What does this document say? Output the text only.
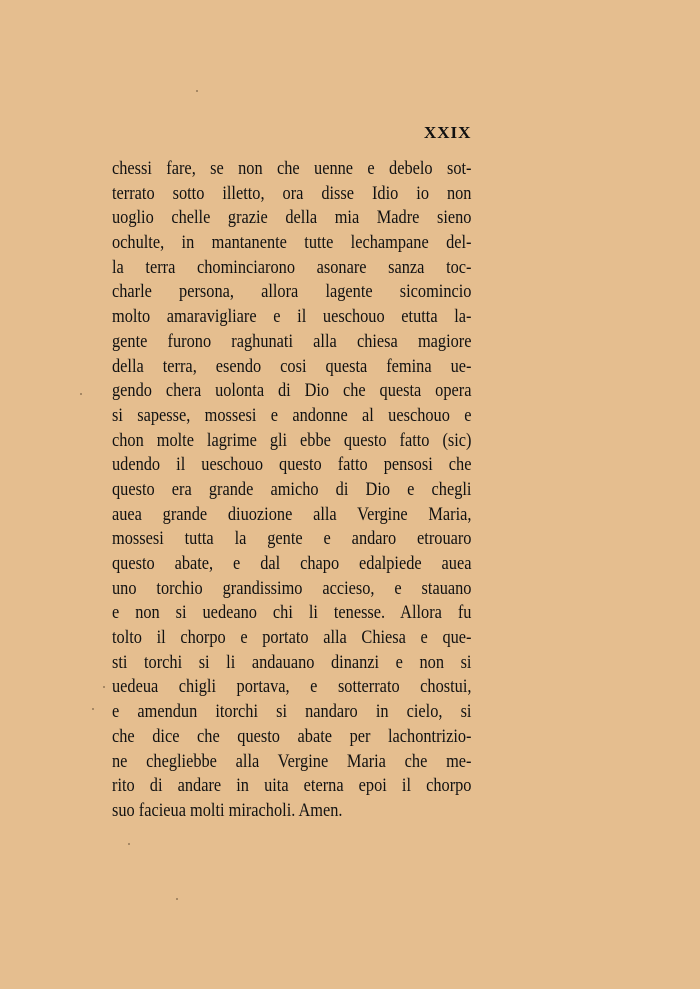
XXIX
chessi fare, se non che uenne e debelo sot-
terrato sotto illetto, ora disse Idio io non
uoglio chelle grazie della mia Madre sieno
ochulte, in mantanente tutte lechampane del-
la terra chominciarono asonare sanza toc-
charle persona, allora lagente sicomincio
molto amaravigliare e il ueschouo etutta la-
gente furono raghunati alla chiesa magiore
della terra, esendo cosi questa femina ue-
gendo chera uolonta di Dio che questa opera
si sapesse, mossesi e andonne al ueschouo e
chon molte lagrime gli ebbe questo fatto (sic)
udendo il ueschouo questo fatto pensosi che
questo era grande amicho di Dio e chegli
auea grande diuozione alla Vergine Maria,
mossesi tutta la gente e andaro etrouaro
questo abate, e dal chapo edalpiede auea
uno torchio grandissimo accieso, e stauano
e non si uedeano chi li tenesse. Allora fu
tolto il chorpo e portato alla Chiesa e que-
sti torchi si li andauano dinanzi e non si
uedeua chigli portava, e sotterrato chostui,
e amendun itorchi si nandaro in cielo, si
che dice che questo abate per lachontrizio-
ne chegliebbe alla Vergine Maria che me-
rito di andare in uita eterna epoi il chorpo
suo facieua molti miracholi. Amen.
